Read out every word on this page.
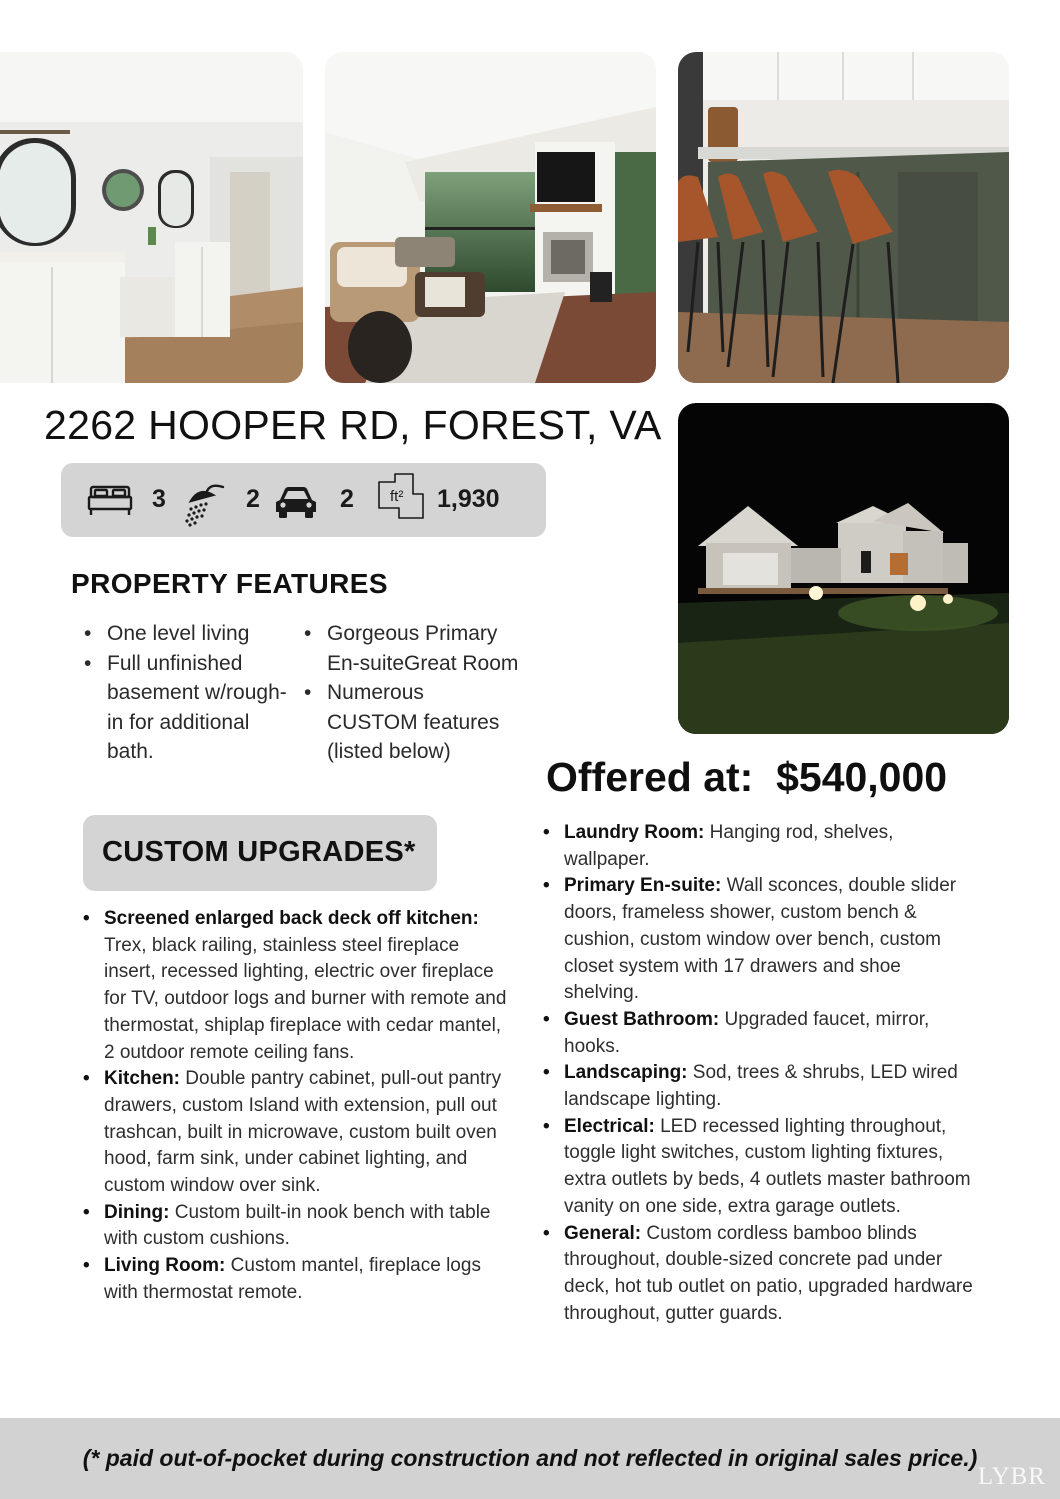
2262 HOOPER RD, FOREST, VA
3	2	2 ft² 1,930
PROPERTY FEATURES
• One level living
• Full unfinished basement w/rough-in for additional bath.
• Gorgeous Primary En-suiteGreat Room
• Numerous CUSTOM features (listed below)
Offered at:  $540,000
CUSTOM UPGRADES*
• Screened enlarged back deck off kitchen: Trex, black railing, stainless steel fireplace insert, recessed lighting, electric over fireplace for TV, outdoor logs and burner with remote and thermostat, shiplap fireplace with cedar mantel, 2 outdoor remote ceiling fans.
• Kitchen: Double pantry cabinet, pull-out pantry drawers, custom Island with extension, pull out trashcan, built in microwave, custom built oven hood, farm sink, under cabinet lighting, and custom window over sink.
• Dining: Custom built-in nook bench with table with custom cushions.
• Living Room: Custom mantel, fireplace logs with thermostat remote.
• Laundry Room: Hanging rod, shelves, wallpaper.
• Primary En-suite: Wall sconces, double slider doors, frameless shower, custom bench & cushion, custom window over bench, custom closet system with 17 drawers and shoe shelving.
• Guest Bathroom: Upgraded faucet, mirror, hooks.
• Landscaping: Sod, trees & shrubs, LED wired landscape lighting.
• Electrical: LED recessed lighting throughout, toggle light switches, custom lighting fixtures, extra outlets by beds, 4 outlets master bathroom vanity on one side, extra garage outlets.
• General: Custom cordless bamboo blinds throughout, double-sized concrete pad under deck, hot tub outlet on patio, upgraded hardware throughout, gutter guards.
(* paid out-of-pocket during construction and not reflected in original sales price.)
LYBR
